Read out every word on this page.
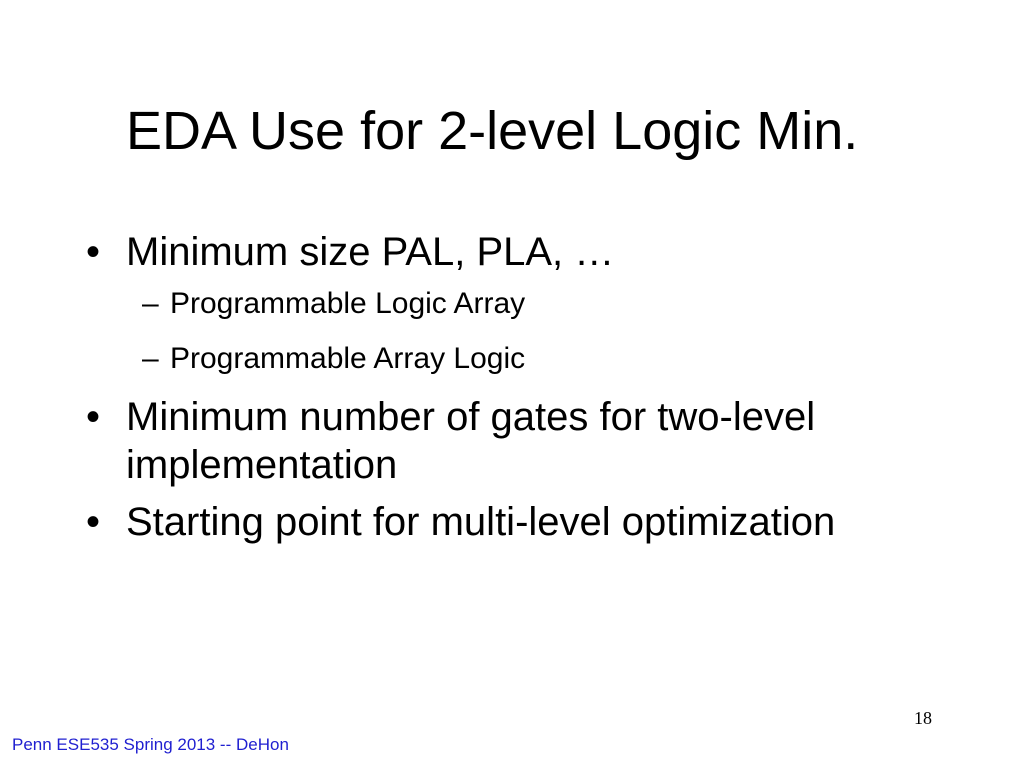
EDA Use for 2-level Logic Min.
• Minimum size PAL, PLA, …
– Programmable Logic Array
– Programmable Array Logic
• Minimum number of gates for two-level implementation
• Starting point for multi-level optimization
18
Penn ESE535 Spring 2013 -- DeHon
